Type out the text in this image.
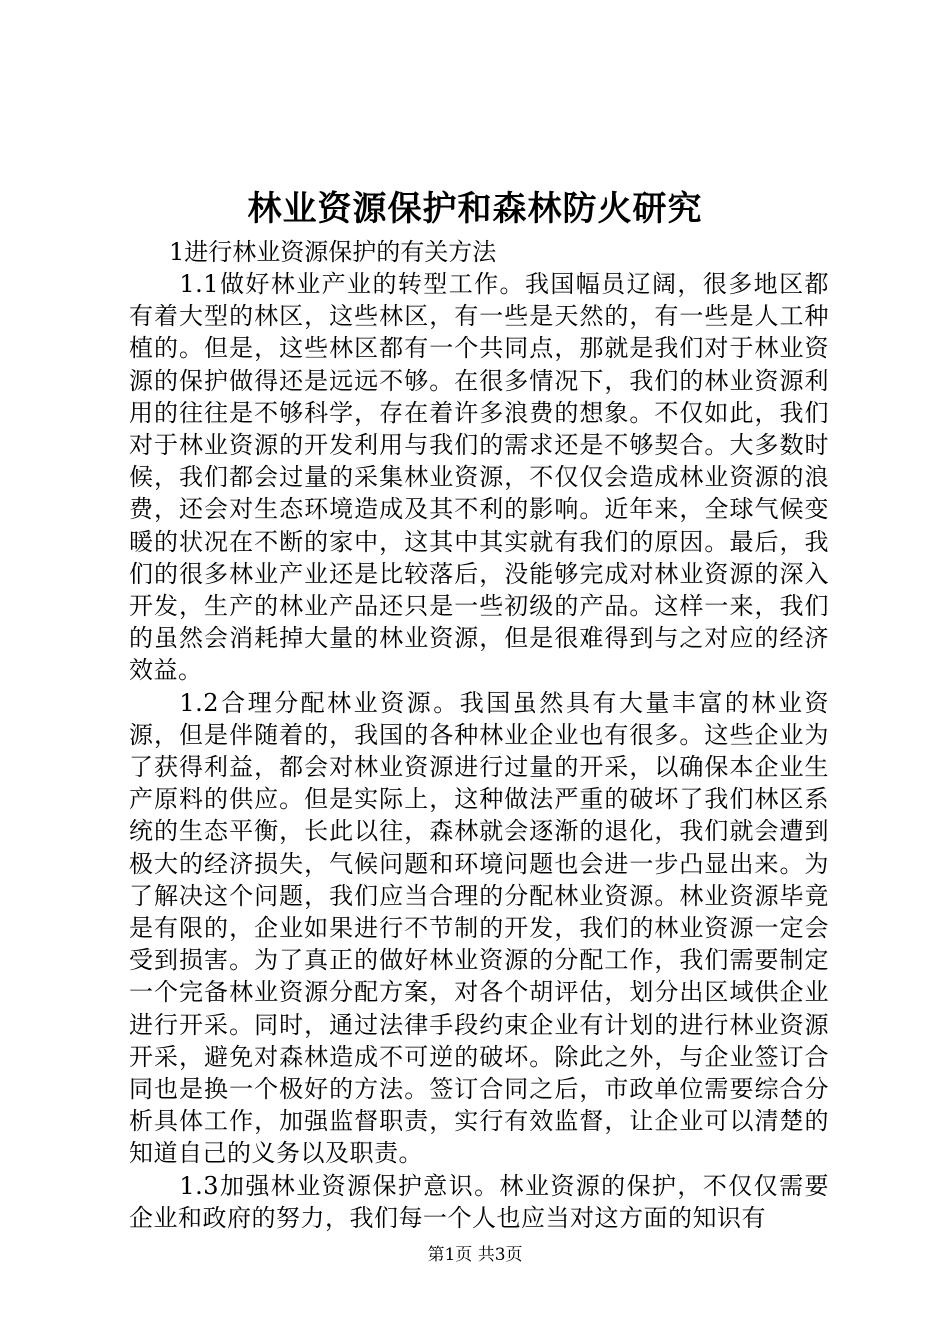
林业资源保护和森林防火研究

1进行林业资源保护的有关方法

1.1做好林业产业的转型工作。我国幅员辽阔，很多地区都有着大型的林区，这些林区，有一些是天然的，有一些是人工种植的。但是，这些林区都有一个共同点，那就是我们对于林业资源的保护做得还是远远不够。在很多情况下，我们的林业资源利用的往往是不够科学，存在着许多浪费的想象。不仅如此，我们对于林业资源的开发利用与我们的需求还是不够契合。大多数时候，我们都会过量的采集林业资源，不仅仅会造成林业资源的浪费，还会对生态环境造成及其不利的影响。近年来，全球气候变暖的状况在不断的家中，这其中其实就有我们的原因。最后，我们的很多林业产业还是比较落后，没能够完成对林业资源的深入开发，生产的林业产品还只是一些初级的产品。这样一来，我们的虽然会消耗掉大量的林业资源，但是很难得到与之对应的经济效益。

1.2合理分配林业资源。我国虽然具有大量丰富的林业资源，但是伴随着的，我国的各种林业企业也有很多。这些企业为了获得利益，都会对林业资源进行过量的开采，以确保本企业生产原料的供应。但是实际上，这种做法严重的破坏了我们林区系统的生态平衡，长此以往，森林就会逐渐的退化，我们就会遭到极大的经济损失，气候问题和环境问题也会进一步凸显出来。为了解决这个问题，我们应当合理的分配林业资源。林业资源毕竟是有限的，企业如果进行不节制的开发，我们的林业资源一定会受到损害。为了真正的做好林业资源的分配工作，我们需要制定一个完备林业资源分配方案，对各个胡评估，划分出区域供企业进行开采。同时，通过法律手段约束企业有计划的进行林业资源开采，避免对森林造成不可逆的破坏。除此之外，与企业签订合同也是换一个极好的方法。签订合同之后，市政单位需要综合分析具体工作，加强监督职责，实行有效监督，让企业可以清楚的知道自己的义务以及职责。

1.3加强林业资源保护意识。林业资源的保护，不仅仅需要企业和政府的努力，我们每一个人也应当对这方面的知识有

第1页 共3页
